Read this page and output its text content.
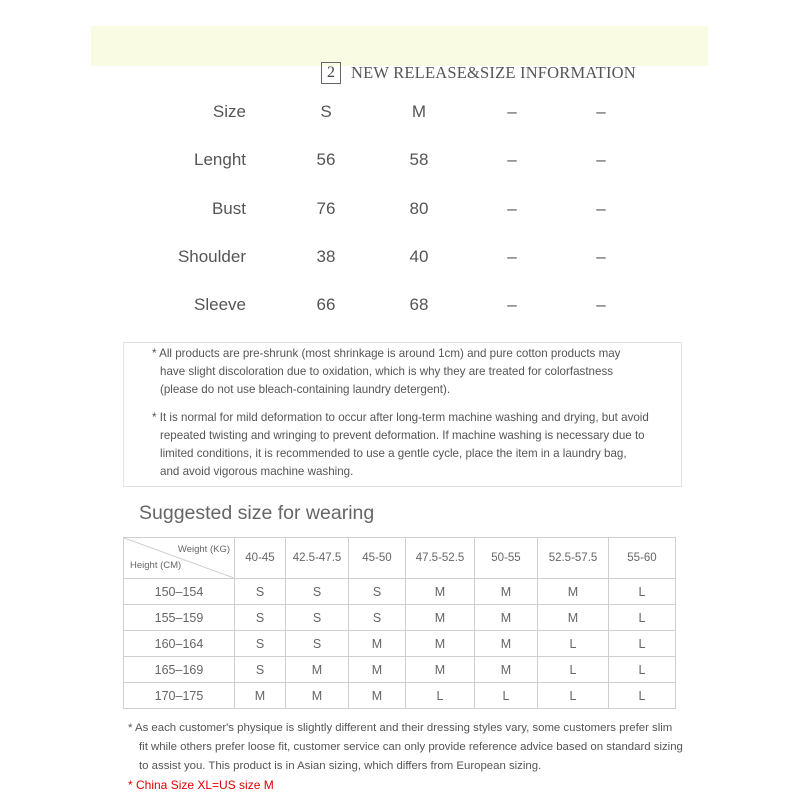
2 NEW RELEASE&SIZE INFORMATION
Size	S	M	–	–
Lenght	56	58	–	–
Bust	76	80	–	–
Shoulder	38	40	–	–
Sleeve	66	68	–	–

* All products are pre-shrunk (most shrinkage is around 1cm) and pure cotton products may

have slight discoloration due to oxidation, which is why they are treated for colorfastness

(please do not use bleach-containing laundry detergent).

* It is normal for mild deformation to occur after long-term machine washing and drying, but avoid

repeated twisting and wringing to prevent deformation. If machine washing is necessary due to

limited conditions, it is recommended to use a gentle cycle, place the item in a laundry bag,

and avoid vigorous machine washing.

Suggested size for wearing
Weight (KG)
Height (CM)	40-45	42.5-47.5	45-50	47.5-52.5	50-55	52.5-57.5	55-60
150–154	S	S	S	M	M	M	L
155–159	S	S	S	M	M	M	L
160–164	S	S	M	M	M	L	L
165–169	S	M	M	M	M	L	L
170–175	M	M	M	L	L	L	L
* As each customer's physique is slightly different and their dressing styles vary, some customers prefer slim
fit while others prefer loose fit, customer service can only provide reference advice based on standard sizing
to assist you. This product is in Asian sizing, which differs from European sizing.
* China Size XL=US size M
